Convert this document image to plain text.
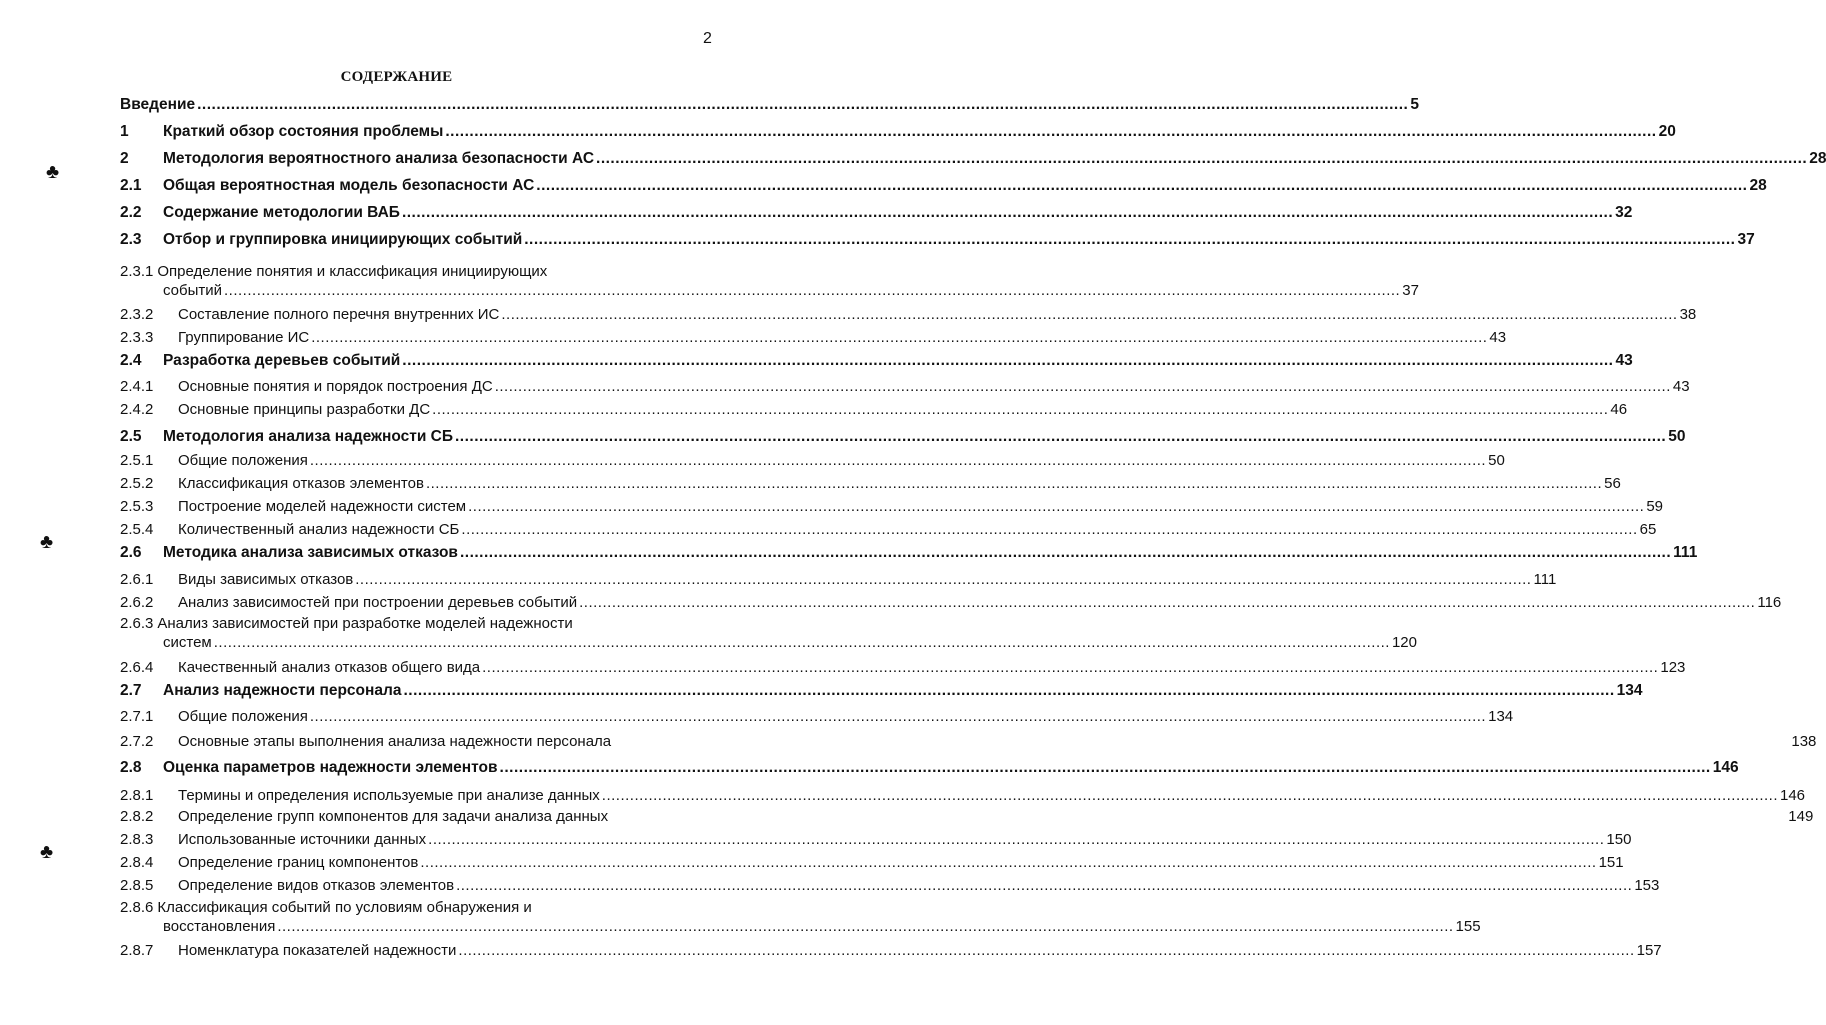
2
СОДЕРЖАНИЕ
♣
♣
♣
Введение .....	5
1	Краткий обзор состояния проблемы .....	20
2	Методология вероятностного анализа безопасности АС .....	28
2.1	Общая вероятностная модель безопасности АС .....	28
2.2	Содержание методологии ВАБ .....	32
2.3	Отбор и группировка инициирующих событий .....	37
2.3.1 Определение понятия и классификация инициирующих
событий .....	37
2.3.2	Составление полного перечня внутренних ИС .....	38
2.3.3	Группирование ИС .....	43
2.4	Разработка деревьев событий .....	43
2.4.1	Основные понятия и порядок построения ДС .....	43
2.4.2	Основные принципы разработки ДС .....	46
2.5	Методология анализа надежности СБ .....	50
2.5.1	Общие положения .....	50
2.5.2	Классификация отказов элементов .....	56
2.5.3	Построение моделей надежности систем .....	59
2.5.4	Количественный анализ надежности СБ .....	65
2.6	Методика анализа зависимых отказов .....	111
2.6.1	Виды зависимых отказов .....	111
2.6.2	Анализ зависимостей при построении деревьев событий .....	116
2.6.3 Анализ зависимостей при разработке моделей надежности
систем .....	120
2.6.4	Качественный анализ отказов общего вида .....	123
2.7	Анализ надежности персонала .....	134
2.7.1	Общие положения .....	134
2.7.2	Основные этапы выполнения анализа надежности персонала	138
2.8	Оценка параметров надежности элементов .....	146
2.8.1	Термины и определения используемые при анализе данных .....	146
2.8.2	Определение групп компонентов для задачи анализа данных	149
2.8.3	Использованные источники данных .....	150
2.8.4	Определение границ компонентов .....	151
2.8.5	Определение видов отказов элементов .....	153
2.8.6 Классификация событий по условиям обнаружения и
восстановления .....	155
2.8.7	Номенклатура показателей надежности .....	157
